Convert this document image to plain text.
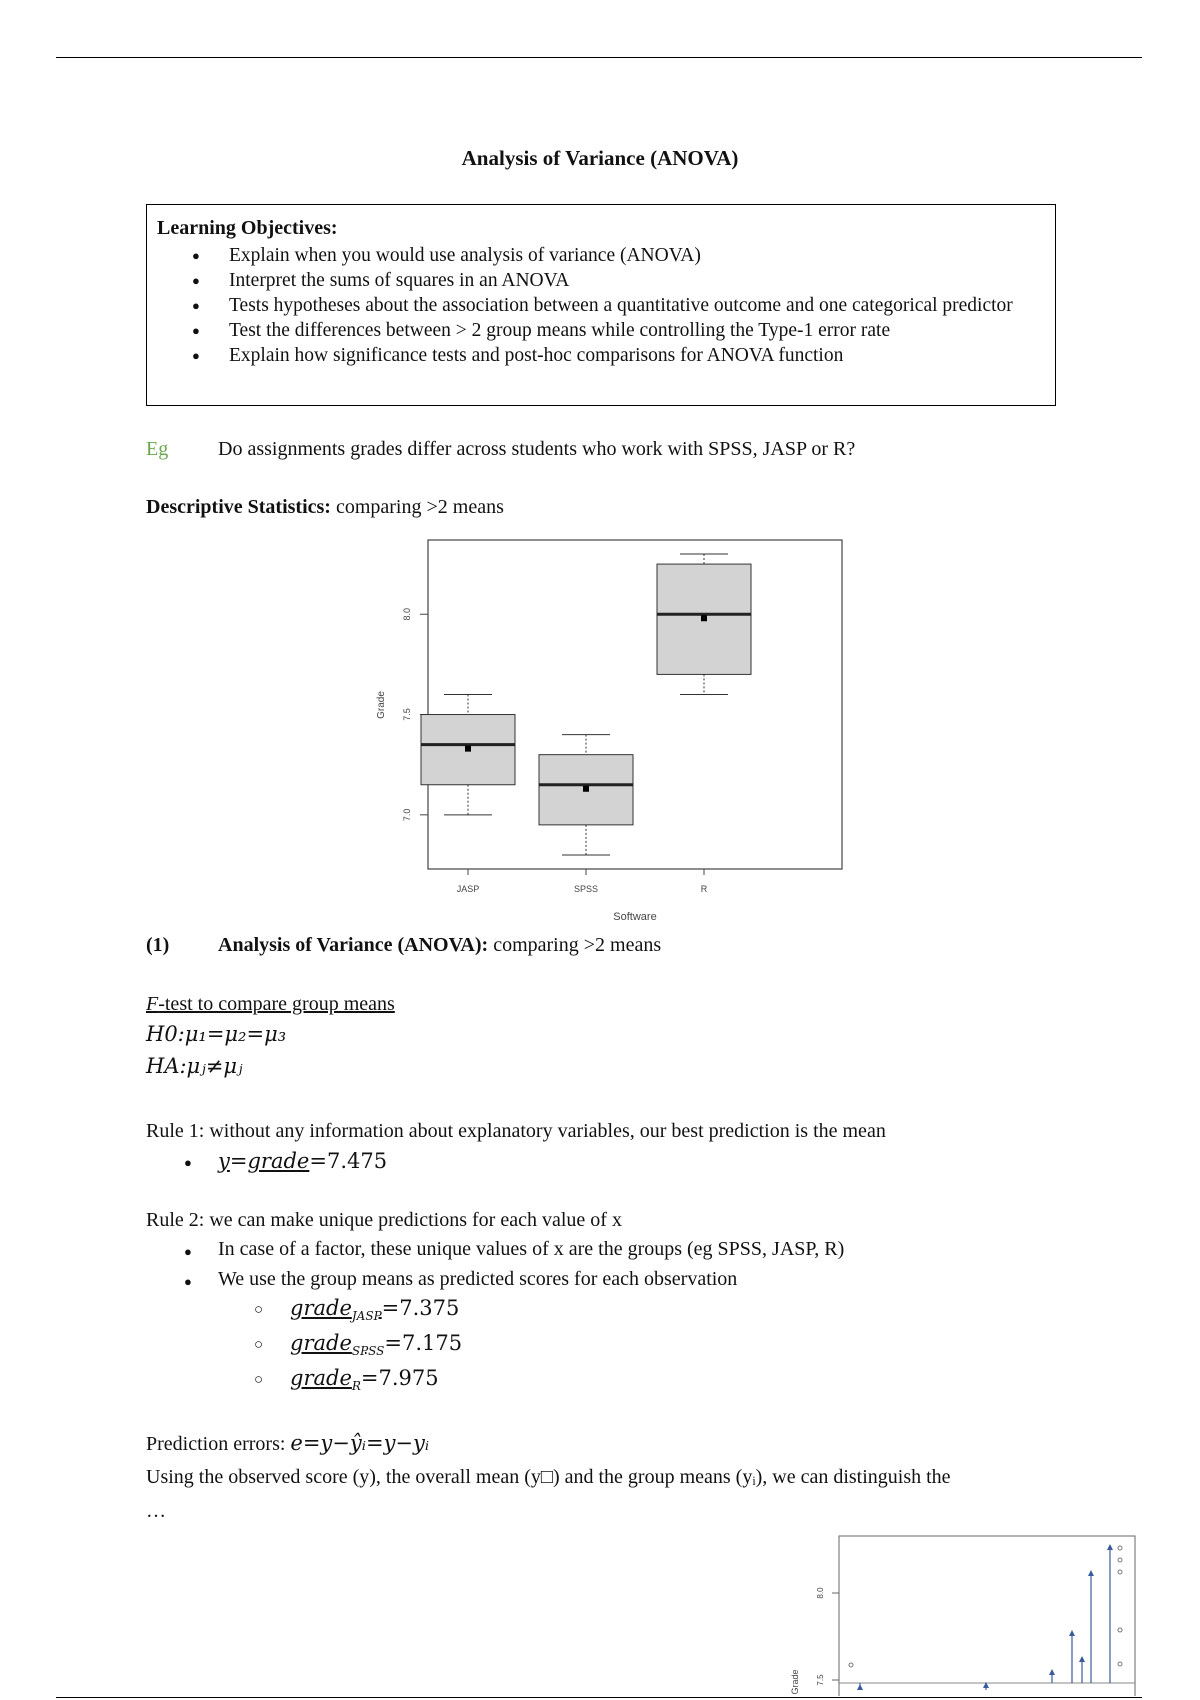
Analysis of Variance (ANOVA)
Learning Objectives:
● Explain when you would use analysis of variance (ANOVA)
● Interpret the sums of squares in an ANOVA
● Tests hypotheses about the association between a quantitative outcome and one categorical predictor
● Test the differences between > 2 group means while controlling the Type-1 error rate
● Explain how significance tests and post-hoc comparisons for ANOVA function
Eg Do assignments grades differ across students who work with SPSS, JASP or R?
Descriptive Statistics: comparing >2 means
Grade
Software
7.0
7.5
8.0
JASP	SPSS	R
(1) Analysis of Variance (ANOVA): comparing >2 means
F-test to compare group means
H0:μ₁=μ₂=μ₃
HA:μⱼ≠μⱼ
Rule 1: without any information about explanatory variables, our best prediction is the mean
● y=grade=7.475
Rule 2: we can make unique predictions for each value of x
● In case of a factor, these unique values of x are the groups (eg SPSS, JASP, R)
● We use the group means as predicted scores for each observation
○ grade$_{JASP}$=7.375
○ grade$_{SPSS}$=7.175
○ grade$_R$=7.975
Prediction errors: e=y−ŷᵢ=y−yᵢ
Using the observed score (y), the overall mean (y□) and the group means (yᵢ), we can distinguish the
…
Grade
8.0
7.5
